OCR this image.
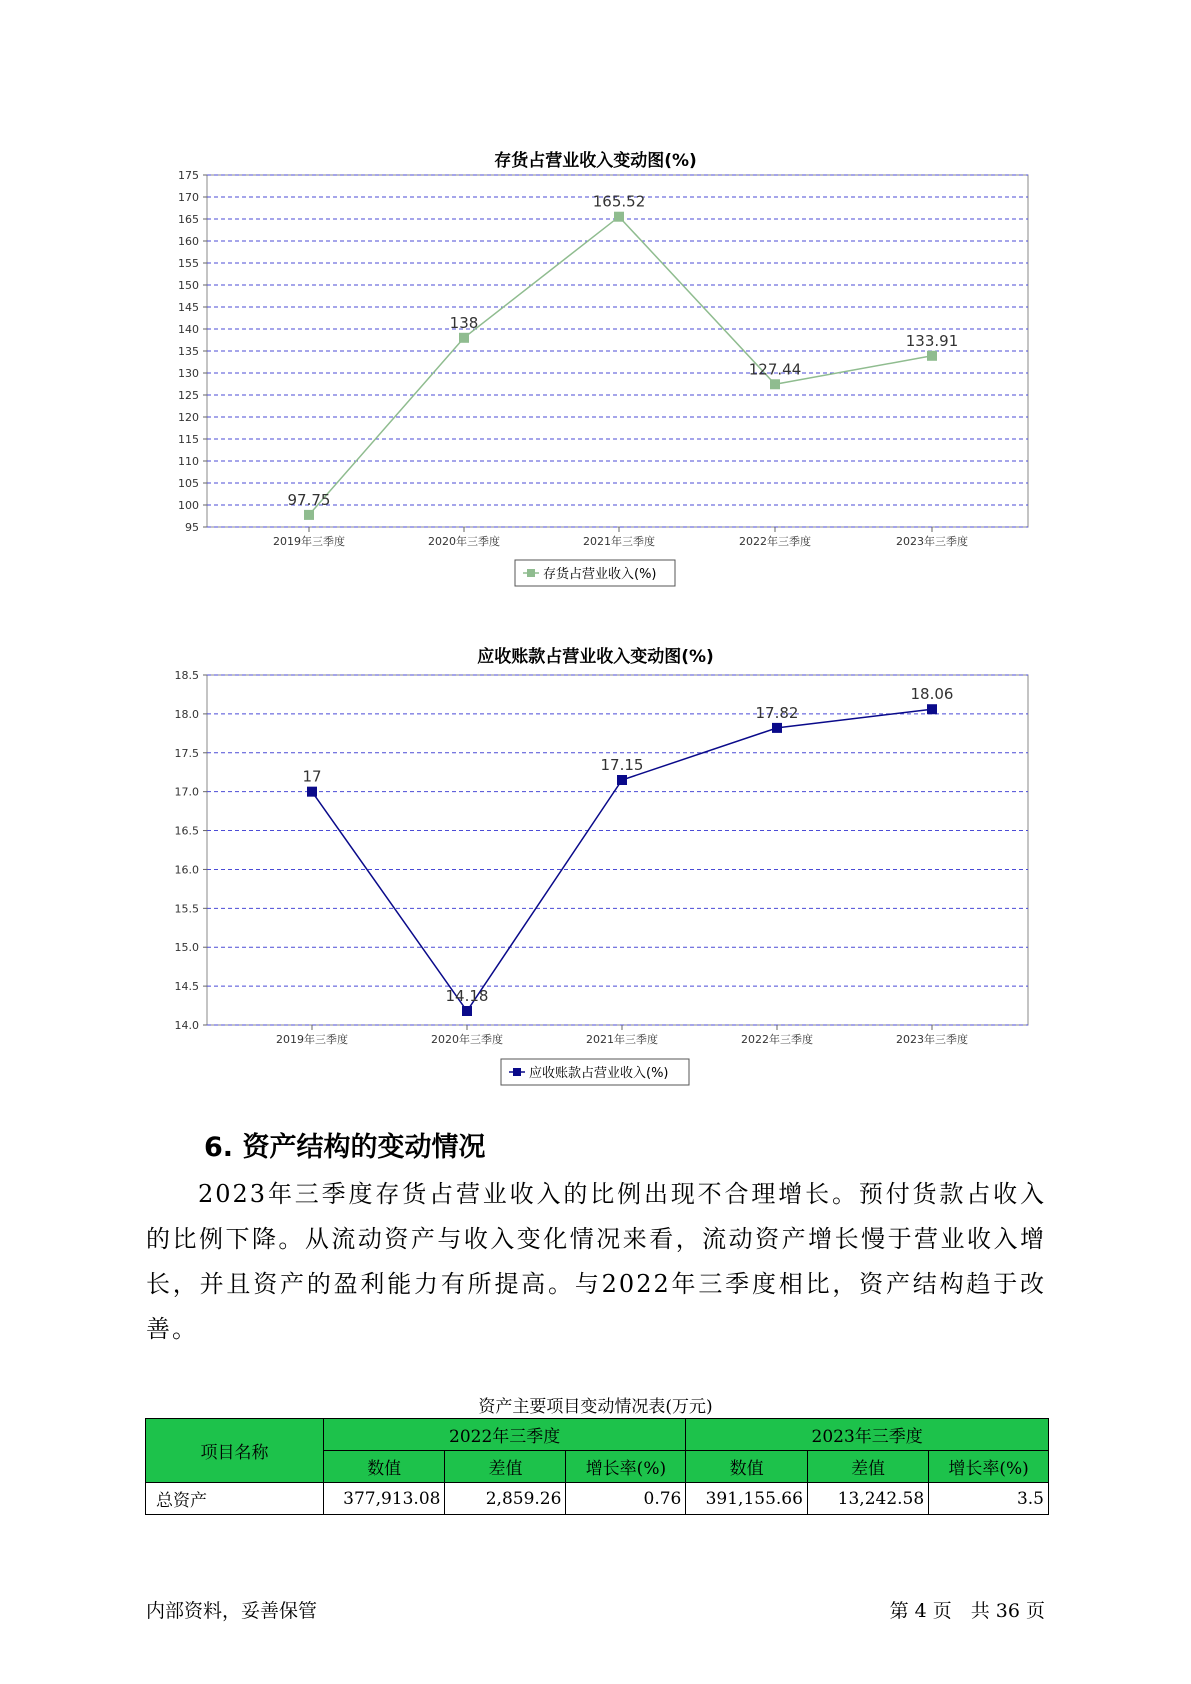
存货占营业收入变动图(%)
95
100
105
110
115
120
125
130
135
140
145
150
155
160
165
170
175
2019年三季度	2020年三季度	2021年三季度	2022年三季度	2023年三季度
97.75
138
165.52
127.44
133.91
存货占营业收入(%)
应收账款占营业收入变动图(%)
14.0
14.5
15.0
15.5
16.0
16.5
17.0
17.5
18.0
18.5
2019年三季度	2020年三季度	2021年三季度	2022年三季度	2023年三季度
17
14.18
17.15
17.82
18.06
应收账款占营业收入(%)
6. 资产结构的变动情况
2023年三季度存货占营业收入的比例出现不合理增长。预付货款占收入的比例下降。从流动资产与收入变化情况来看，流动资产增长慢于营业收入增长，并且资产的盈利能力有所提高。与2022年三季度相比，资产结构趋于改善。
资产主要项目变动情况表(万元)
项目名称	2022年三季度			2023年三季度		
	数值	差值	增长率(%)	数值	差值	增长率(%)
总资产	377,913.08	2,859.26	0.76	391,155.66	13,242.58	3.5
内部资料，妥善保管	第 4 页　共 36 页
